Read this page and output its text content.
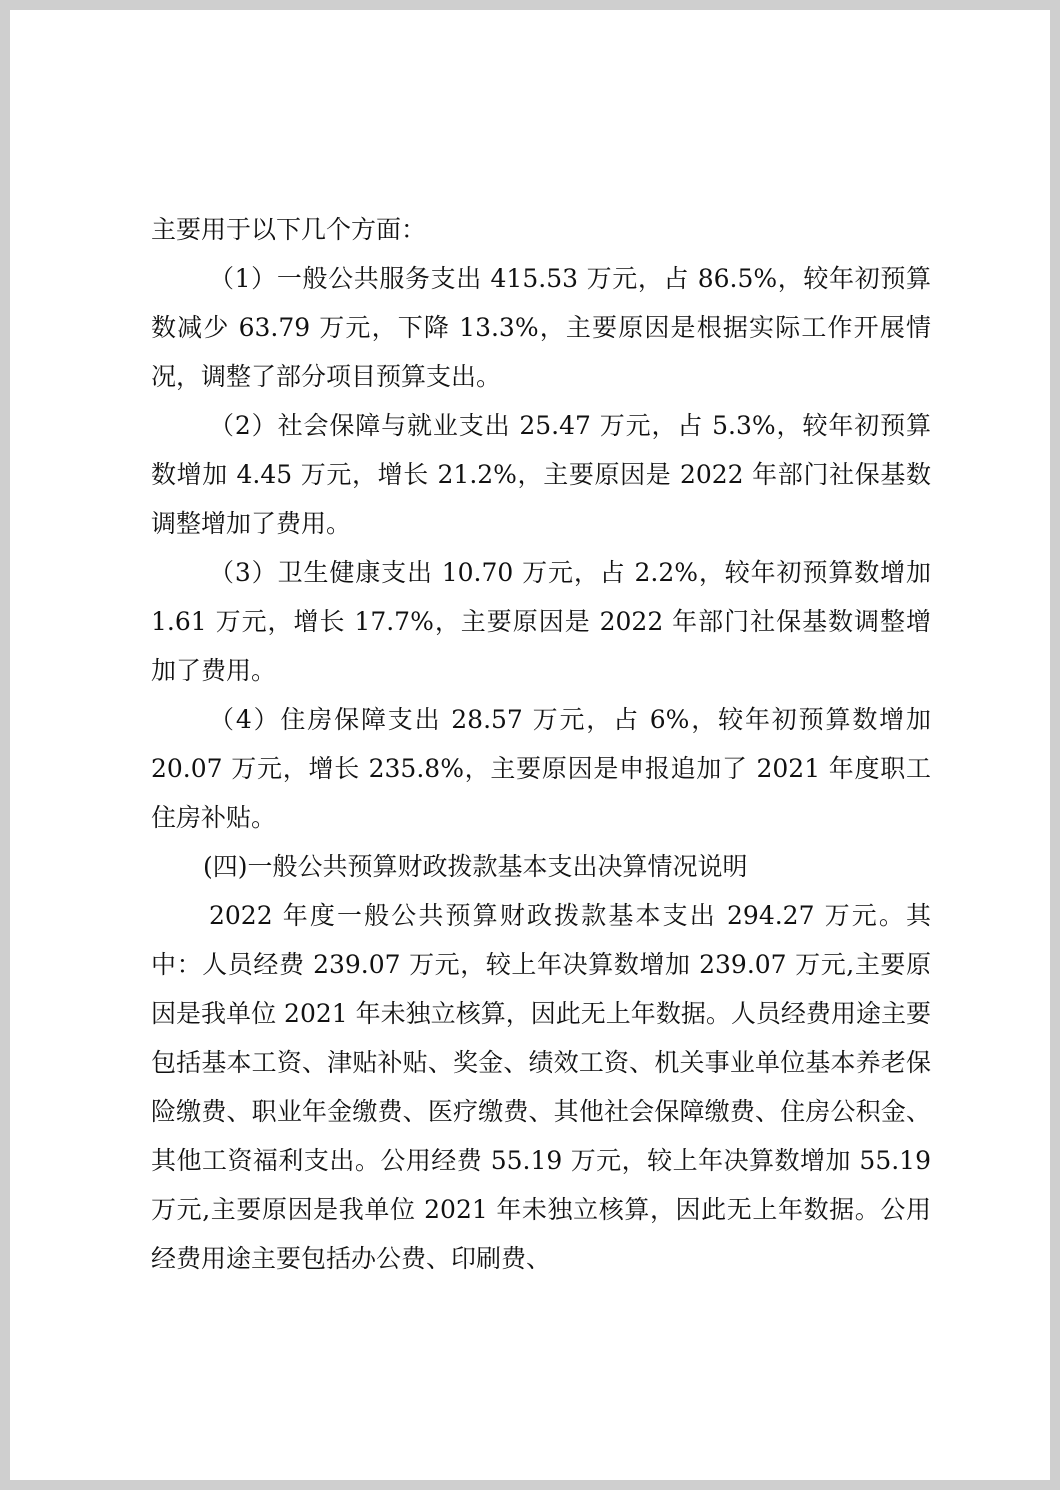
主要用于以下几个方面：

（1）一般公共服务支出 415.53 万元，占 86.5%，较年初预算数减少 63.79 万元，下降 13.3%，主要原因是根据实际工作开展情况，调整了部分项目预算支出。

（2）社会保障与就业支出 25.47 万元，占 5.3%，较年初预算数增加 4.45 万元，增长 21.2%，主要原因是 2022 年部门社保基数调整增加了费用。

（3）卫生健康支出 10.70 万元，占 2.2%，较年初预算数增加 1.61 万元，增长 17.7%，主要原因是 2022 年部门社保基数调整增加了费用。

（4）住房保障支出 28.57 万元，占 6%，较年初预算数增加 20.07 万元，增长 235.8%，主要原因是申报追加了 2021 年度职工住房补贴。

(四)一般公共预算财政拨款基本支出决算情况说明

2022 年度一般公共预算财政拨款基本支出 294.27 万元。其中：人员经费 239.07 万元，较上年决算数增加 239.07 万元,主要原因是我单位 2021 年未独立核算，因此无上年数据。人员经费用途主要包括基本工资、津贴补贴、奖金、绩效工资、机关事业单位基本养老保险缴费、职业年金缴费、医疗缴费、其他社会保障缴费、住房公积金、其他工资福利支出。公用经费 55.19 万元，较上年决算数增加 55.19 万元,主要原因是我单位 2021 年未独立核算，因此无上年数据。公用经费用途主要包括办公费、印刷费、
